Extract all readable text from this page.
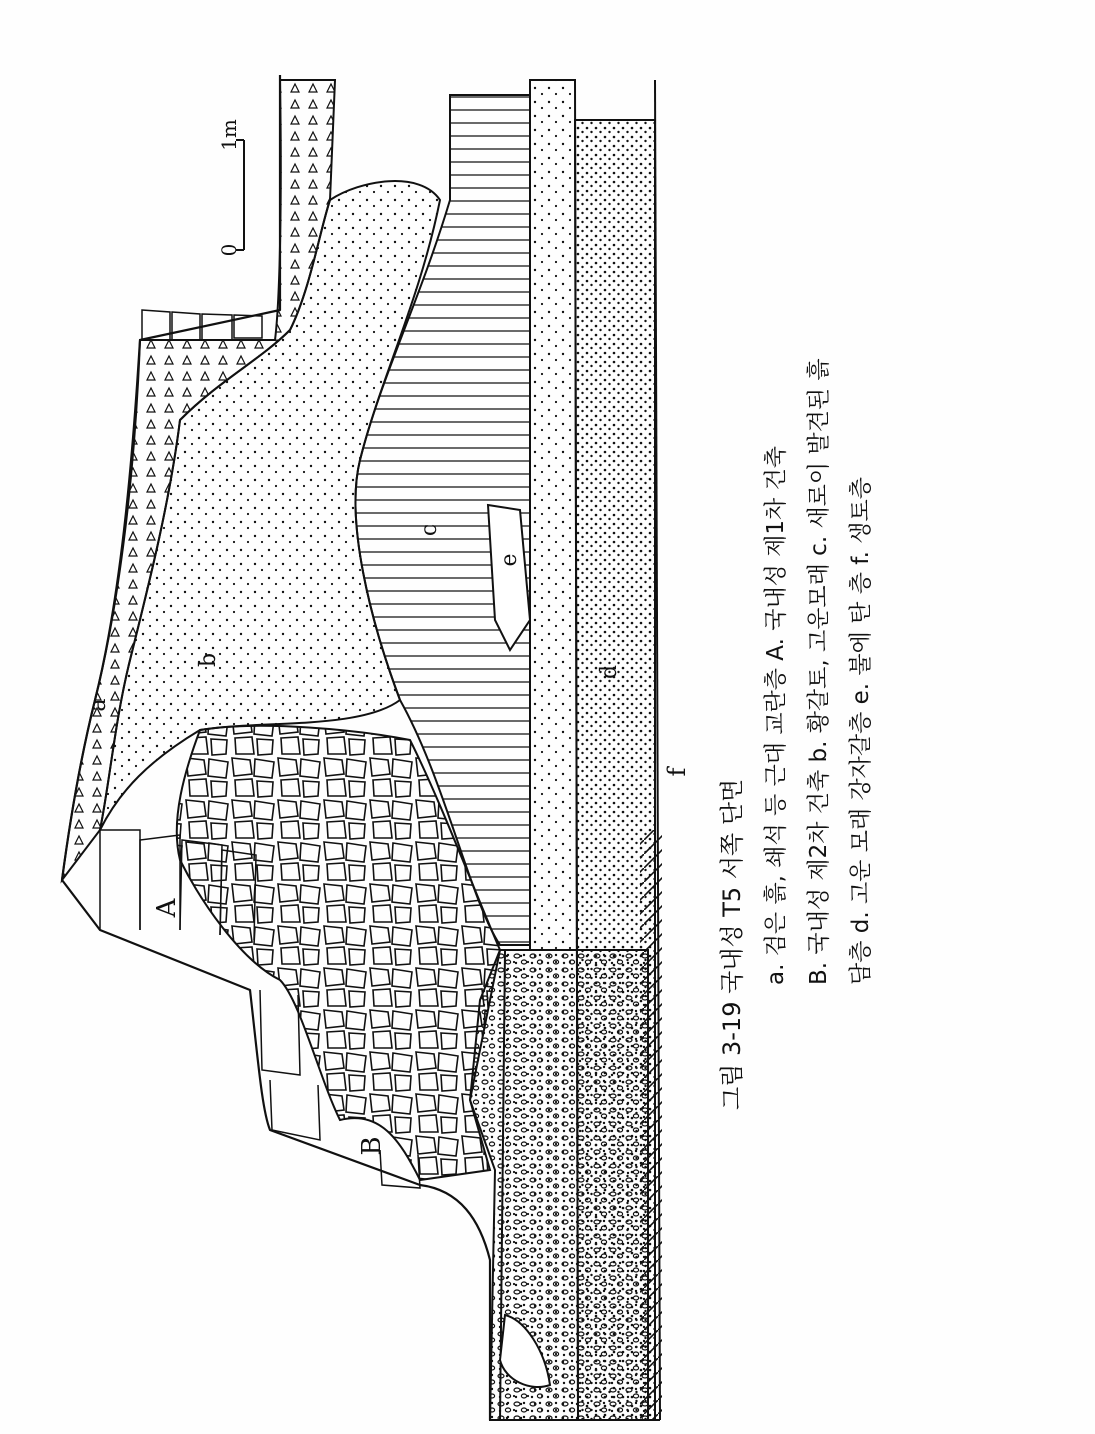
0
1m
a
b
c
d
e
f
A
B
그림 3-19 국내성 T5 서쪽 단면 a. 검은 흙, 쇄석 등 근대 교란층 A. 국내성 제1차 건축 B. 국내성 제2차 건축 b. 황갈토, 고운모래 c. 새로이 발견된 흙 담층 d. 고운 모래 강자갈층 e. 불에 탄 층 f. 생토층
